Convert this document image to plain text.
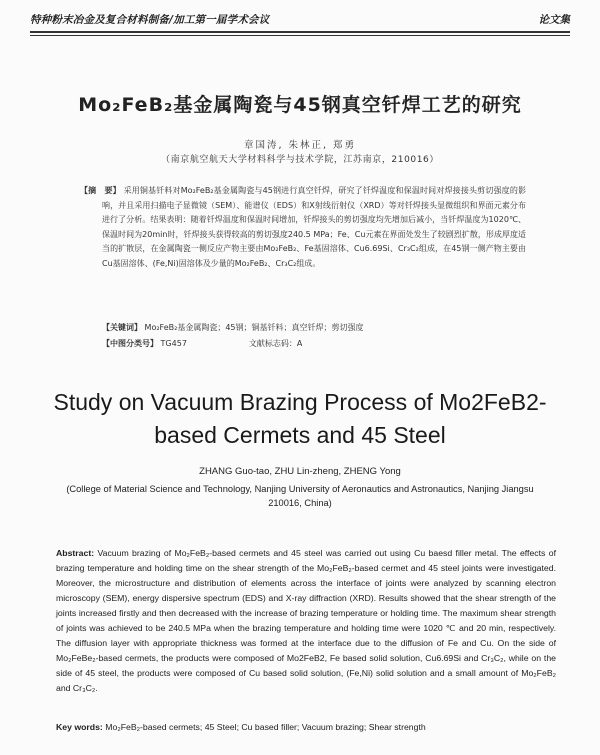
特种粉末冶金及复合材料制备/加工第一届学术会议	论文集
Mo₂FeB₂基金属陶瓷与45钢真空钎焊工艺的研究
章国涛, 朱林正, 郑勇
（南京航空航天大学材料科学与技术学院，江苏南京，210016）
【摘　要】 采用铜基钎料对Mo₂FeB₂基金属陶瓷与45钢进行真空钎焊，研究了钎焊温度和保温时间对焊接接头剪切强度的影响，并且采用扫描电子显微镜（SEM）、能谱仪（EDS）和X射线衍射仪（XRD）等对钎焊接头显微组织和界面元素分布进行了分析。结果表明：随着钎焊温度和保温时间增加，钎焊接头的剪切强度均先增加后减小，当钎焊温度为1020℃、保温时间为20min时，钎焊接头获得较高的剪切强度240.5 MPa；Fe、Cu元素在界面处发生了较剧烈扩散，形成厚度适当的扩散层，在金属陶瓷一侧反应产物主要由Mo₂FeB₂、Fe基固溶体、Cu6.69Si、Cr₃C₂组成，在45钢一侧产物主要由Cu基固溶体、(Fe,Ni)固溶体及少量的Mo₂FeB₂、Cr₃C₂组成。
【关键词】 Mo₂FeB₂基金属陶瓷；45钢；铜基钎料；真空钎焊；剪切强度
【中图分类号】 TG457	文献标志码：A
Study on Vacuum Brazing Process of Mo2FeB2-based Cermets and 45 Steel
ZHANG Guo-tao, ZHU Lin-zheng, ZHENG Yong
(College of Material Science and Technology, Nanjing University of Aeronautics and Astronautics, Nanjing Jiangsu 210016, China)
Abstract: Vacuum brazing of Mo₂FeB₂-based cermets and 45 steel was carried out using Cu baesd filler metal. The effects of brazing temperature and holding time on the shear strength of the Mo₂FeB₂-based cermet and 45 steel joints were investigated. Moreover, the microstructure and distribution of elements across the interface of joints were analyzed by scanning electron microscopy (SEM), energy dispersive spectrum (EDS) and X-ray diffraction (XRD). Results showed that the shear strength of the joints increased firstly and then decreased with the increase of brazing temperature or holding time. The maximum shear strength of joints was achieved to be 240.5 MPa when the brazing temperature and holding time were 1020 ℃ and 20 min, respectively. The diffusion layer with appropriate thickness was formed at the interface due to the diffusion of Fe and Cu. On the side of Mo₂FeBe₂-based cermets, the products were composed of Mo2FeB2, Fe based solid solution, Cu6.69Si and Cr₃C₂, while on the side of 45 steel, the products were composed of Cu based solid solution, (Fe,Ni) solid solution and a small amount of Mo₂FeB₂ and Cr₃C₂.
Key words: Mo₂FeB₂-based cermets; 45 Steel; Cu based filler; Vacuum brazing; Shear strength
